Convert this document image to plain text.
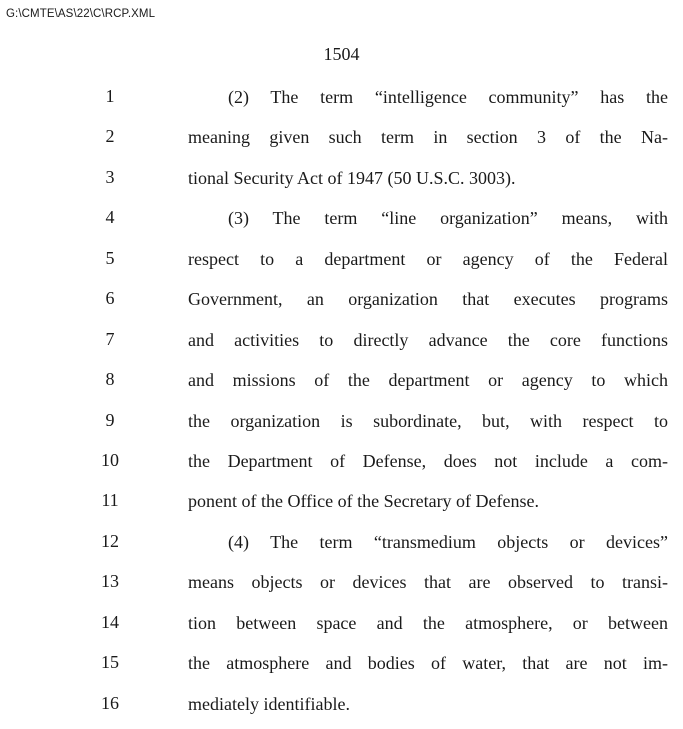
G:\CMTE\AS\22\C\RCP.XML
1504
1	(2) The term “intelligence community” has the
2	meaning given such term in section 3 of the Na-
3	tional Security Act of 1947 (50 U.S.C. 3003).
4	(3) The term “line organization” means, with
5	respect to a department or agency of the Federal
6	Government, an organization that executes programs
7	and activities to directly advance the core functions
8	and missions of the department or agency to which
9	the organization is subordinate, but, with respect to
10	the Department of Defense, does not include a com-
11	ponent of the Office of the Secretary of Defense.
12	(4) The term “transmedium objects or devices”
13	means objects or devices that are observed to transi-
14	tion between space and the atmosphere, or between
15	the atmosphere and bodies of water, that are not im-
16	mediately identifiable.
